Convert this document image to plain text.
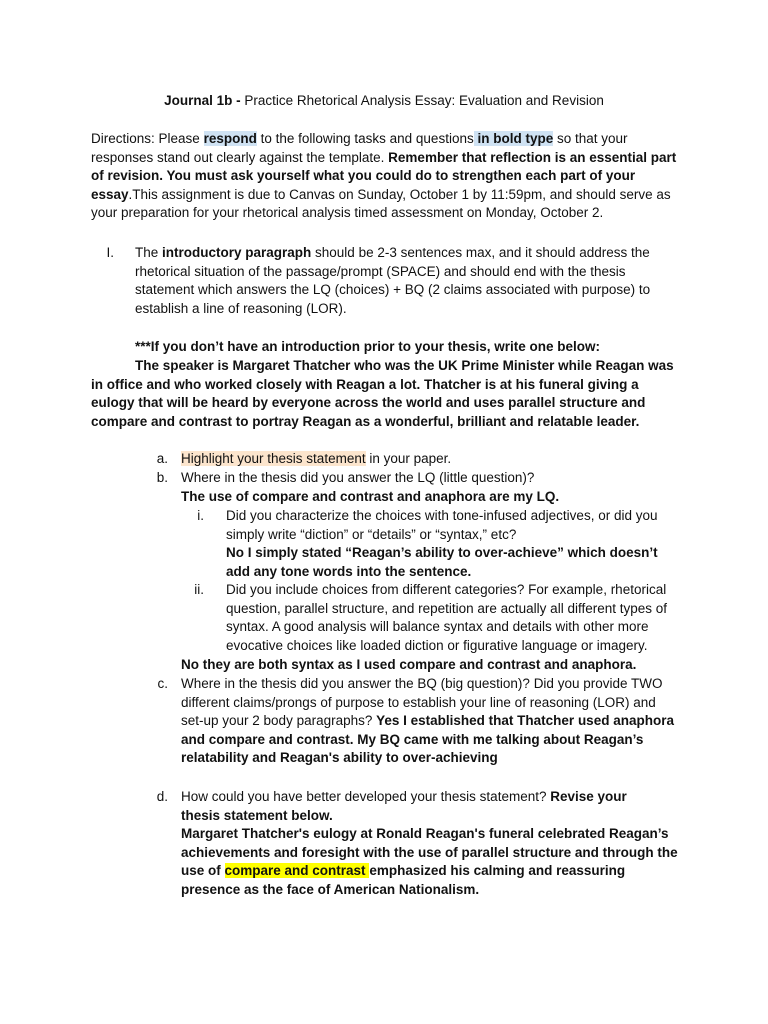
Journal 1b - Practice Rhetorical Analysis Essay: Evaluation and Revision
Directions: Please respond to the following tasks and questions in bold type so that your responses stand out clearly against the template. Remember that reflection is an essential part of revision. You must ask yourself what you could do to strengthen each part of your essay.This assignment is due to Canvas on Sunday, October 1 by 11:59pm, and should serve as your preparation for your rhetorical analysis timed assessment on Monday, October 2.
I. The introductory paragraph should be 2-3 sentences max, and it should address the rhetorical situation of the passage/prompt (SPACE) and should end with the thesis statement which answers the LQ (choices) + BQ (2 claims associated with purpose) to establish a line of reasoning (LOR).
***If you don’t have an introduction prior to your thesis, write one below:
The speaker is Margaret Thatcher who was the UK Prime Minister while Reagan was in office and who worked closely with Reagan a lot. Thatcher is at his funeral giving a eulogy that will be heard by everyone across the world and uses parallel structure and compare and contrast to portray Reagan as a wonderful, brilliant and relatable leader.
a. Highlight your thesis statement in your paper.
b. Where in the thesis did you answer the LQ (little question)?
The use of compare and contrast and anaphora are my LQ.
i. Did you characterize the choices with tone-infused adjectives, or did you simply write “diction” or “details” or “syntax,” etc?
No I simply stated “Reagan’s ability to over-achieve” which doesn’t add any tone words into the sentence.
ii. Did you include choices from different categories? For example, rhetorical question, parallel structure, and repetition are actually all different types of syntax. A good analysis will balance syntax and details with other more evocative choices like loaded diction or figurative language or imagery.
No they are both syntax as I used compare and contrast and anaphora.
c. Where in the thesis did you answer the BQ (big question)? Did you provide TWO different claims/prongs of purpose to establish your line of reasoning (LOR) and set-up your 2 body paragraphs? Yes I established that Thatcher used anaphora and compare and contrast. My BQ came with me talking about Reagan’s relatability and Reagan's ability to over-achieving
d. How could you have better developed your thesis statement? Revise your thesis statement below.
Margaret Thatcher's eulogy at Ronald Reagan's funeral celebrated Reagan’s achievements and foresight with the use of parallel structure and through the use of compare and contrast emphasized his calming and reassuring presence as the face of American Nationalism.
